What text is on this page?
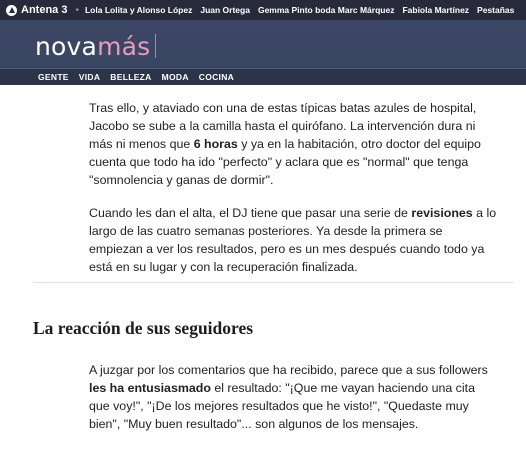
Antena 3 • Lola Lolita y Alonso López Juan Ortega Gemma Pinto boda Marc Márquez Fabiola Martínez Pestañas
novamás
GENTE VIDA BELLEZA MODA COCINA

Tras ello, y ataviado con una de estas típicas batas azules de hospital, Jacobo se sube a la camilla hasta el quirófano. La intervención dura ni más ni menos que 6 horas y ya en la habitación, otro doctor del equipo cuenta que todo ha ido "perfecto" y aclara que es "normal" que tenga "somnolencia y ganas de dormir".

Cuando les dan el alta, el DJ tiene que pasar una serie de revisiones a lo largo de las cuatro semanas posteriores. Ya desde la primera se empiezan a ver los resultados, pero es un mes después cuando todo ya está en su lugar y con la recuperación finalizada.

La reacción de sus seguidores

A juzgar por los comentarios que ha recibido, parece que a sus followers les ha entusiasmado el resultado: "¡Que me vayan haciendo una cita que voy!", "¡De los mejores resultados que he visto!", "Quedaste muy bien", "Muy buen resultado"... son algunos de los mensajes.
